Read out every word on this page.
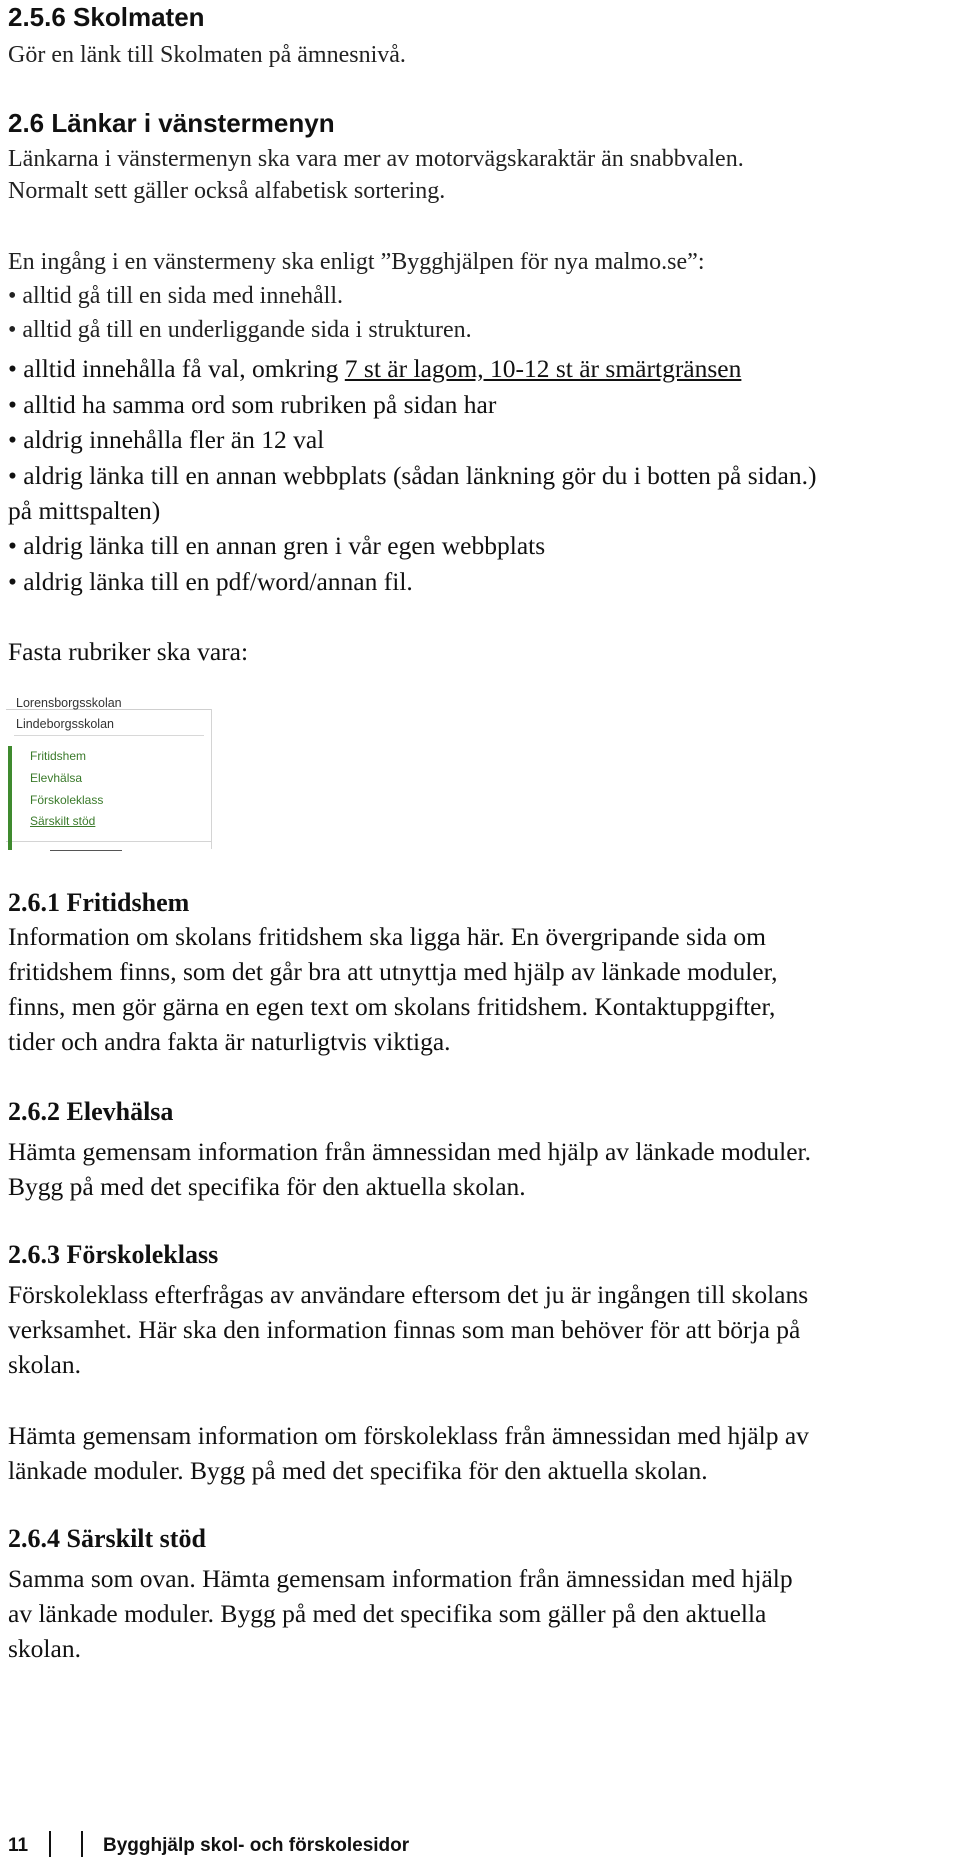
2.5.6 Skolmaten
Gör en länk till Skolmaten på ämnesnivå.
2.6 Länkar i vänstermenyn
Länkarna i vänstermenyn ska vara mer av motorvägskaraktär än snabbvalen.
Normalt sett gäller också alfabetisk sortering.
En ingång i en vänstermeny ska enligt ”Bygghjälpen för nya malmo.se”:
• alltid gå till en sida med innehåll.
• alltid gå till en underliggande sida i strukturen.
• alltid innehålla få val, omkring 7 st är lagom, 10-12 st är smärtgränsen
• alltid ha samma ord som rubriken på sidan har
• aldrig innehålla fler än 12 val
• aldrig länka till en annan webbplats (sådan länkning gör du i botten på sidan.)
på mittspalten)
• aldrig länka till en annan gren i vår egen webbplats
• aldrig länka till en pdf/word/annan fil.
Fasta rubriker ska vara:
Lorensborgsskolan
Lindeborgsskolan
Fritidshem
Elevhälsa
Förskoleklass
Särskilt stöd
2.6.1 Fritidshem
Information om skolans fritidshem ska ligga här. En övergripande sida om
fritidshem finns, som det går bra att utnyttja med hjälp av länkade moduler,
finns, men gör gärna en egen text om skolans fritidshem. Kontaktuppgifter,
tider och andra fakta är naturligtvis viktiga.
2.6.2 Elevhälsa
Hämta gemensam information från ämnessidan med hjälp av länkade moduler.
Bygg på med det specifika för den aktuella skolan.
2.6.3 Förskoleklass
Förskoleklass efterfrågas av användare eftersom det ju är ingången till skolans
verksamhet. Här ska den information finnas som man behöver för att börja på
skolan.
Hämta gemensam information om förskoleklass från ämnessidan med hjälp av
länkade moduler. Bygg på med det specifika för den aktuella skolan.
2.6.4 Särskilt stöd
Samma som ovan. Hämta gemensam information från ämnessidan med hjälp
av länkade moduler. Bygg på med det specifika som gäller på den aktuella
skolan.
11	Bygghjälp skol- och förskolesidor
